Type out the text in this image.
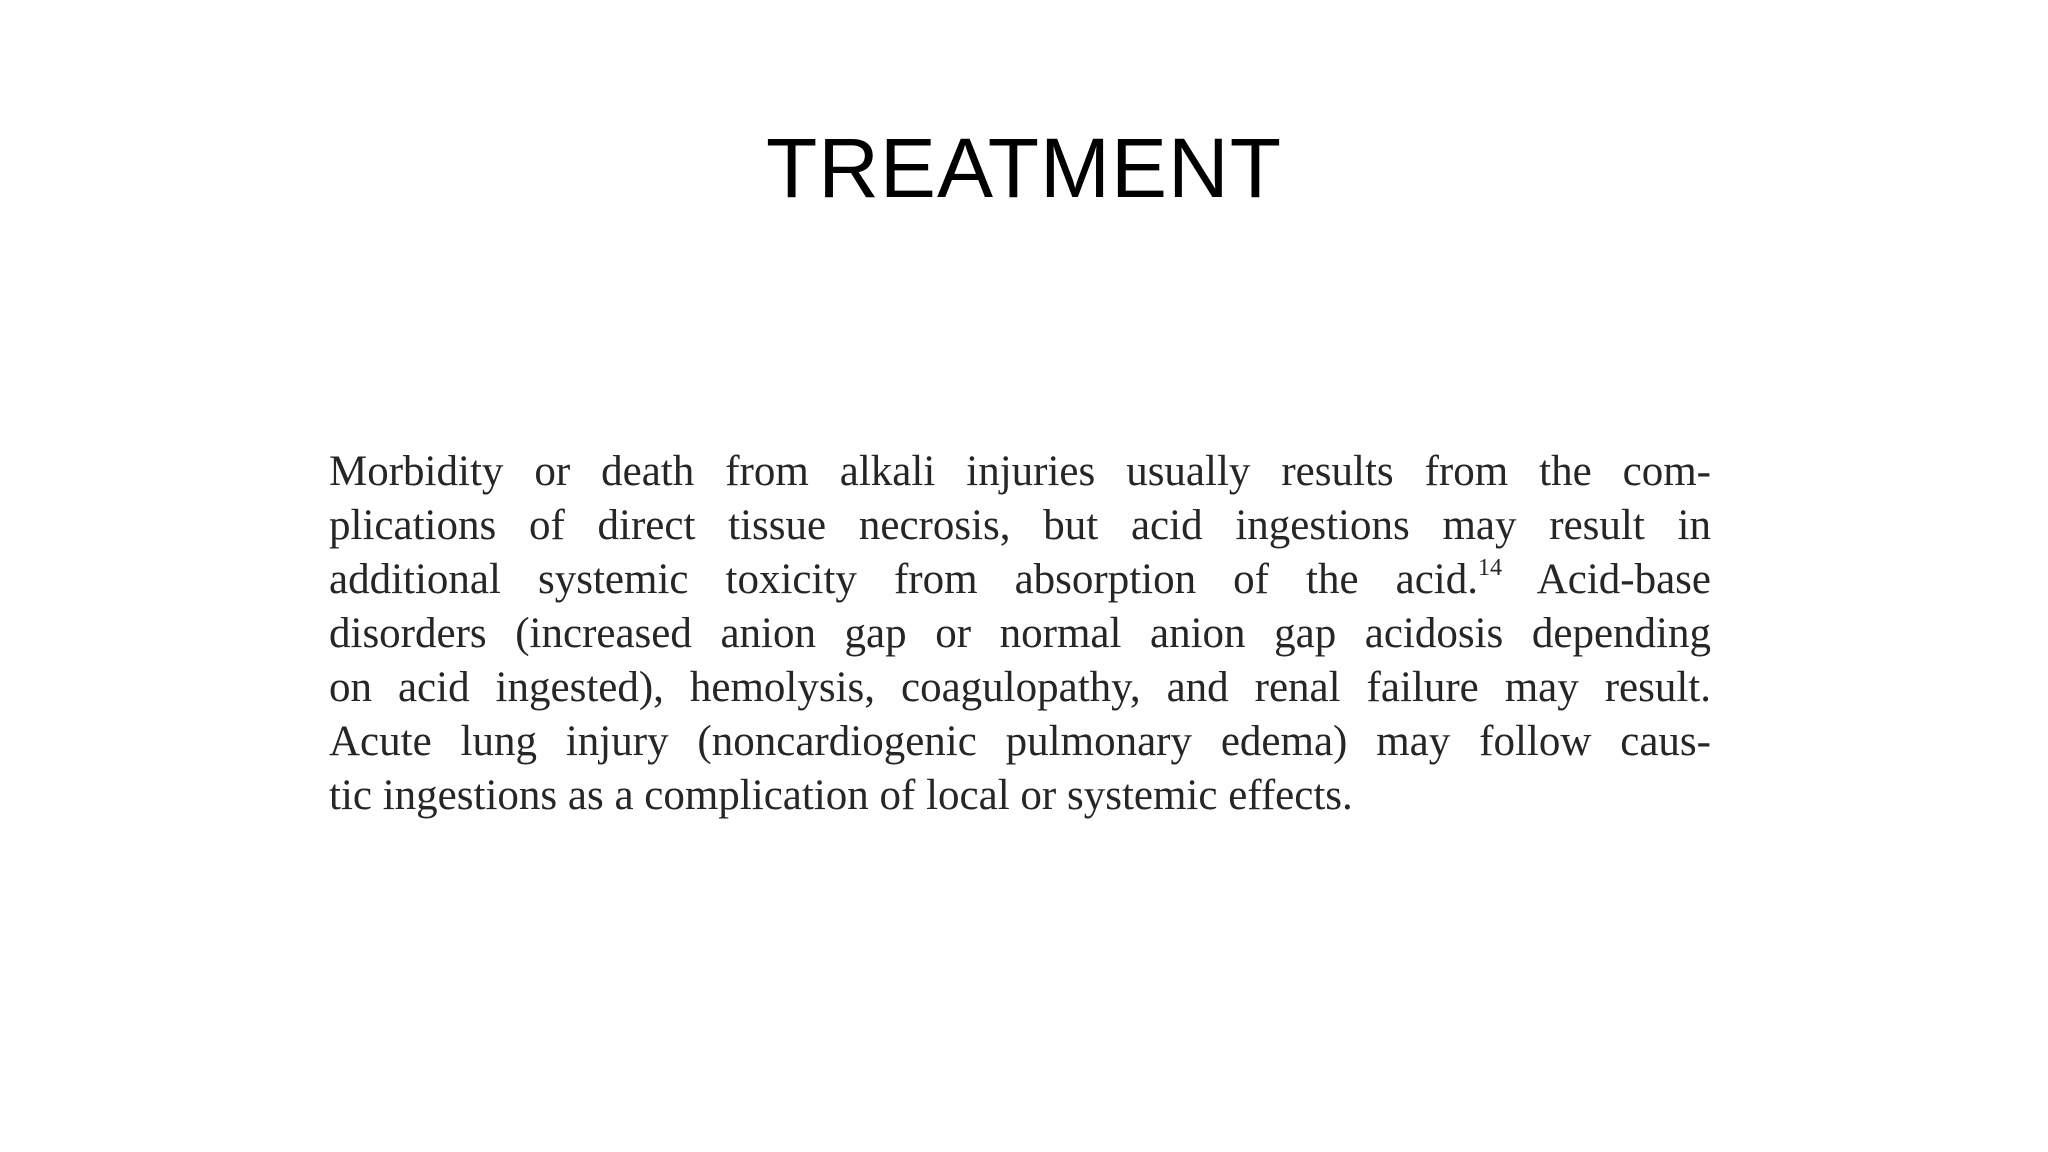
TREATMENT
Morbidity or death from alkali injuries usually results from the com-
plications of direct tissue necrosis, but acid ingestions may result in
additional systemic toxicity from absorption of the acid.$^{14}$ Acid-base
disorders (increased anion gap or normal anion gap acidosis depending
on acid ingested), hemolysis, coagulopathy, and renal failure may result.
Acute lung injury (noncardiogenic pulmonary edema) may follow caus-
tic ingestions as a complication of local or systemic effects.
